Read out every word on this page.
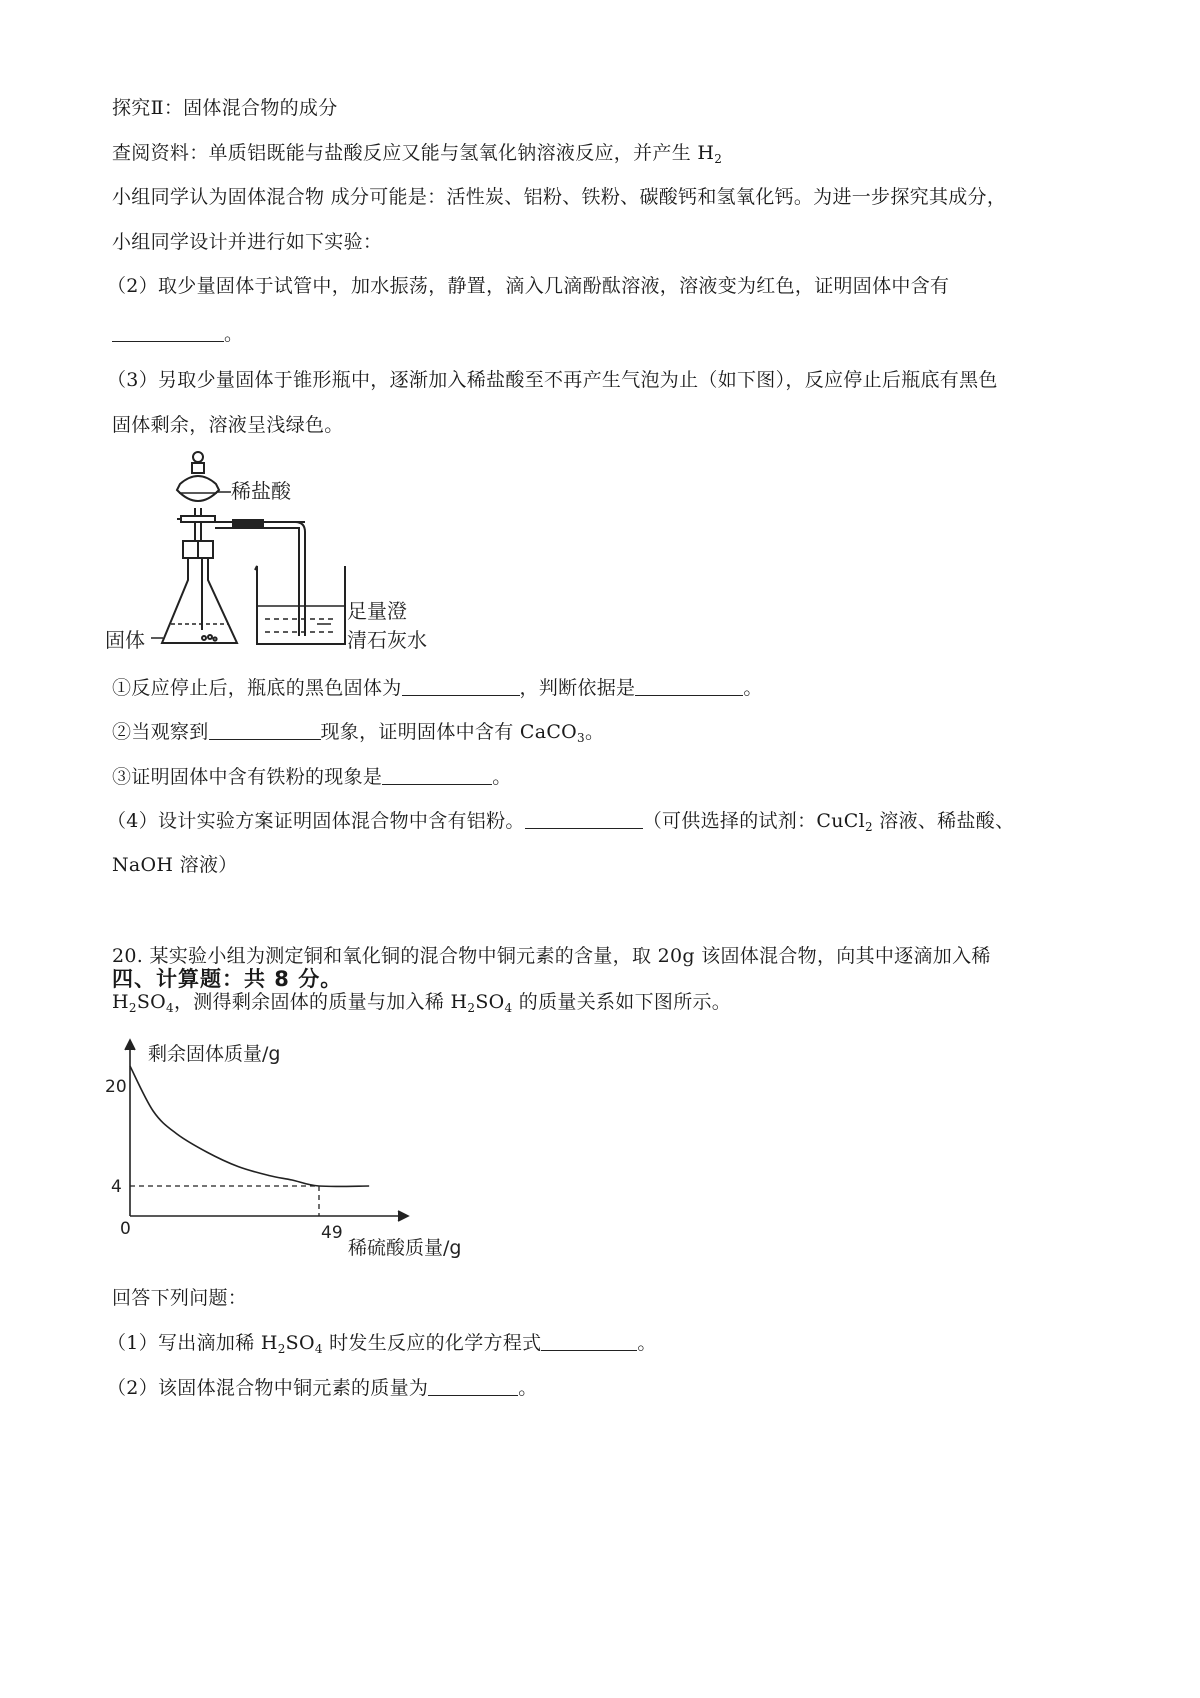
探究Ⅱ：固体混合物的成分
查阅资料：单质铝既能与盐酸反应又能与氢氧化钠溶液反应，并产生 $H_2$
小组同学认为固体混合物 成分可能是：活性炭、铝粉、铁粉、碳酸钙和氢氧化钙。为进一步探究其成分，
小组同学设计并进行如下实验：
（2）取少量固体于试管中，加水振荡，静置，滴入几滴酚酞溶液，溶液变为红色，证明固体中含有
。
（3）另取少量固体于锥形瓶中，逐渐加入稀盐酸至不再产生气泡为止（如下图），反应停止后瓶底有黑色
固体剩余，溶液呈浅绿色。
稀盐酸
足量澄
清石灰水
固体
①反应停止后，瓶底的黑色固体为	，判断依据是	。
②当观察到	现象，证明固体中含有 CaCO$_3$。
③证明固体中含有铁粉的现象是	。
（4）设计实验方案证明固体混合物中含有铝粉。	（可供选择的试剂：CuCl$_2$ 溶液、稀盐酸、
NaOH 溶液）
四、计算题：共 8 分。
20. 某实验小组为测定铜和氧化铜的混合物中铜元素的含量，取 20g 该固体混合物，向其中逐滴加入稀
$H_2SO_4$，测得剩余固体的质量与加入稀 $H_2SO_4$ 的质量关系如下图所示。
剩余固体质量/g
稀硫酸质量/g
20
4
0	49
回答下列问题：
（1）写出滴加稀 $H_2SO_4$ 时发生反应的化学方程式	。
（2）该固体混合物中铜元素的质量为	。
